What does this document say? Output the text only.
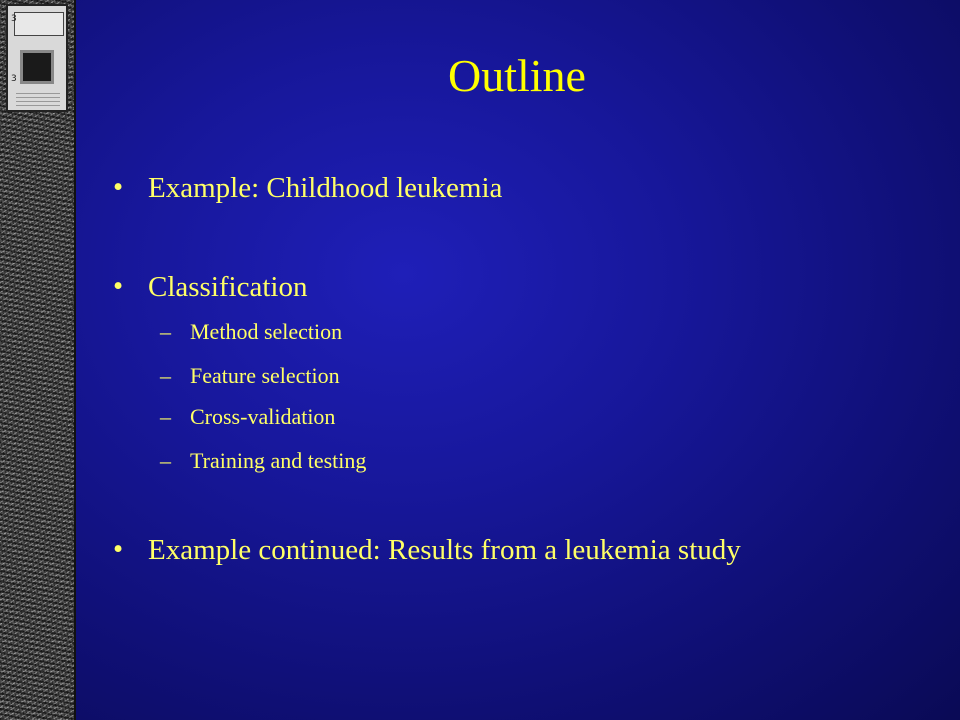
3
3	Outline
• Example: Childhood leukemia
• Classification
– Method selection
– Feature selection
– Cross-validation
– Training and testing
• Example continued: Results from a leukemia study
